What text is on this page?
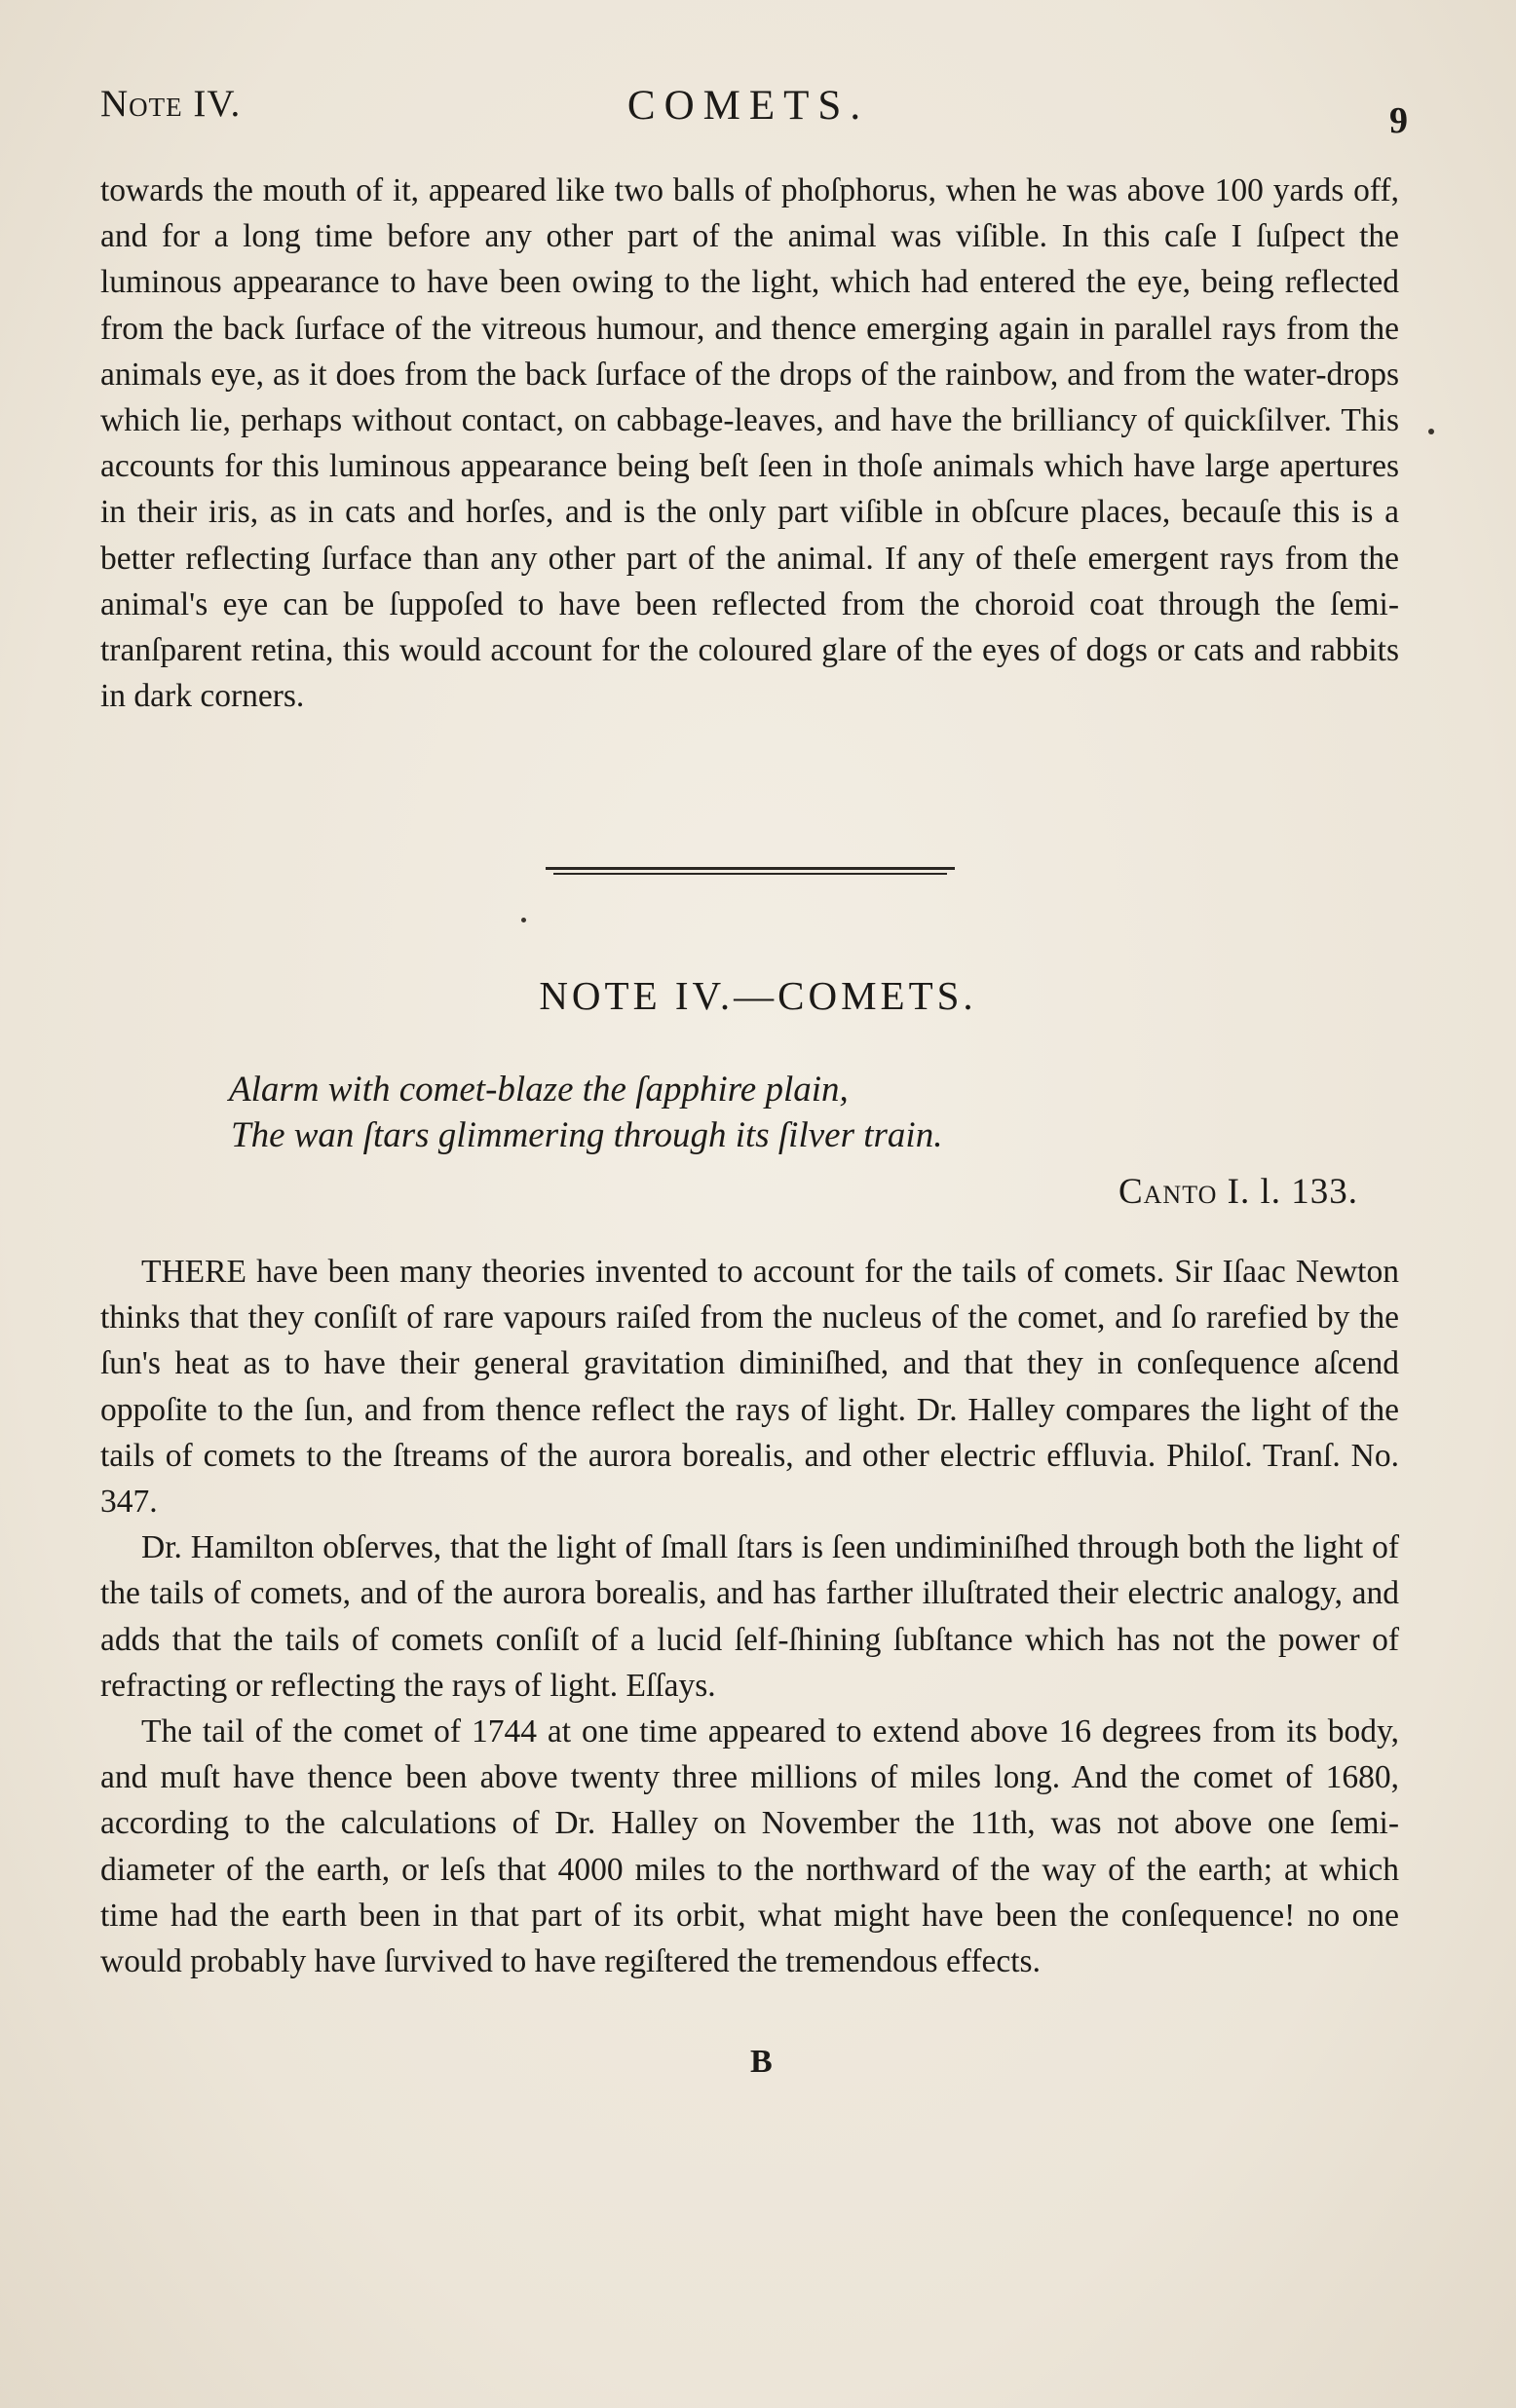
Note IV.	COMETS.	9

towards the mouth of it, appeared like two balls of phoſphorus, when he was above 100 yards off, and for a long time before any other part of the animal was viſible. In this caſe I ſuſpect the luminous appearance to have been owing to the light, which had entered the eye, being reflected from the back ſurface of the vitreous humour, and thence emerging again in parallel rays from the animals eye, as it does from the back ſurface of the drops of the rainbow, and from the water-drops which lie, perhaps without contact, on cabbage-leaves, and have the brilliancy of quickſilver. This accounts for this luminous appearance being beſt ſeen in thoſe animals which have large apertures in their iris, as in cats and horſes, and is the only part viſible in obſcure places, becauſe this is a better reflecting ſurface than any other part of the animal. If any of theſe emergent rays from the animal's eye can be ſuppoſed to have been reflected from the choroid coat through the ſemi-tranſparent retina, this would account for the coloured glare of the eyes of dogs or cats and rabbits in dark corners.

NOTE IV.—COMETS.
Alarm with comet-blaze the ſapphire plain,
The wan ſtars glimmering through its ſilver train.
Canto I. l. 133.

THERE have been many theories invented to account for the tails of comets. Sir Iſaac Newton thinks that they conſiſt of rare vapours raiſed from the nucleus of the comet, and ſo rarefied by the ſun's heat as to have their general gravitation diminiſhed, and that they in conſequence aſcend oppoſite to the ſun, and from thence reflect the rays of light. Dr. Halley compares the light of the tails of comets to the ſtreams of the aurora borealis, and other electric effluvia. Philoſ. Tranſ. No. 347.

Dr. Hamilton obſerves, that the light of ſmall ſtars is ſeen undiminiſhed through both the light of the tails of comets, and of the aurora borealis, and has farther illuſtrated their electric analogy, and adds that the tails of comets conſiſt of a lucid ſelf-ſhining ſubſtance which has not the power of refracting or reflecting the rays of light. Eſſays.

The tail of the comet of 1744 at one time appeared to extend above 16 degrees from its body, and muſt have thence been above twenty three millions of miles long. And the comet of 1680, according to the calculations of Dr. Halley on November the 11th, was not above one ſemi-diameter of the earth, or leſs that 4000 miles to the northward of the way of the earth; at which time had the earth been in that part of its orbit, what might have been the conſequence! no one would probably have ſurvived to have regiſtered the tremendous effects.

B
